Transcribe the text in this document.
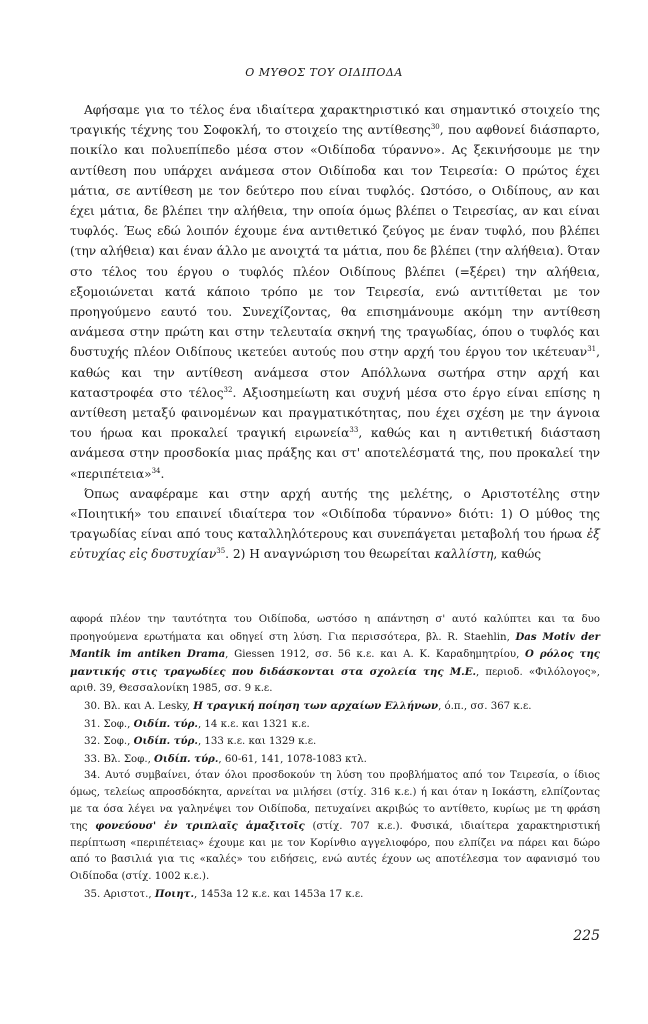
Ο ΜΥΘΟΣ ΤΟΥ ΟΙΔΙΠΟΔΑ

Αφήσαμε για το τέλος ένα ιδιαίτερα χαρακτηριστικό και σημαντικό στοιχείο της τραγικής τέχνης του Σοφοκλή, το στοιχείο της αντίθεσης$^{30}$, που αφθονεί διάσπαρτο, ποικίλο και πολυεπίπεδο μέσα στον «Οιδίποδα τύραννο». Ας ξεκινήσουμε με την αντίθεση που υπάρχει ανάμεσα στον Οιδίποδα και τον Τειρεσία: Ο πρώτος έχει μάτια, σε αντίθεση με τον δεύτερο που είναι τυφλός. Ωστόσο, ο Οιδίπους, αν και έχει μάτια, δε βλέπει την αλήθεια, την οποία όμως βλέπει ο Τειρεσίας, αν και είναι τυφλός. Έως εδώ λοιπόν έχουμε ένα αντιθετικό ζεύγος με έναν τυφλό, που βλέπει (την αλήθεια) και έναν άλλο με ανοιχτά τα μάτια, που δε βλέπει (την αλήθεια). Όταν στο τέλος του έργου ο τυφλός πλέον Οιδίπους βλέπει (=ξέρει) την αλήθεια, εξομοιώνεται κατά κάποιο τρόπο με τον Τειρεσία, ενώ αντιτίθεται με τον προηγούμενο εαυτό του. Συνεχίζοντας, θα επισημάνουμε ακόμη την αντίθεση ανάμεσα στην πρώτη και στην τελευταία σκηνή της τραγωδίας, όπου ο τυφλός και δυστυχής πλέον Οιδίπους ικετεύει αυτούς που στην αρχή του έργου τον ικέτευαν$^{31}$, καθώς και την αντίθεση ανάμεσα στον Απόλλωνα σωτήρα στην αρχή και καταστροφέα στο τέλος$^{32}$. Αξιοσημείωτη και συχνή μέσα στο έργο είναι επίσης η αντίθεση μεταξύ φαινομένων και πραγματικότητας, που έχει σχέση με την άγνοια του ήρωα και προκαλεί τραγική ειρωνεία$^{33}$, καθώς και η αντιθετική διάσταση ανάμεσα στην προσδοκία μιας πράξης και στ' αποτελέσματά της, που προκαλεί την «περιπέτεια»$^{34}$.

Όπως αναφέραμε και στην αρχή αυτής της μελέτης, ο Αριστοτέλης στην «Ποιητική» του επαινεί ιδιαίτερα τον «Οιδίποδα τύραννο» διότι: 1) Ο μύθος της τραγωδίας είναι από τους καταλληλότερους και συνεπάγεται μεταβολή του ήρωα ἐξ εὐτυχίας εἰς δυστυχίαν$^{35}$. 2) Η αναγνώριση του θεωρείται καλλίστη, καθώς

αφορά πλέον την ταυτότητα του Οιδίποδα, ωστόσο η απάντηση σ' αυτό καλύπτει και τα δυο προηγούμενα ερωτήματα και οδηγεί στη λύση. Για περισσότερα, βλ. R. Staehlin, Das Motiv der Mantik im antiken Drama, Giessen 1912, σσ. 56 κ.ε. και Α. Κ. Καραδημητρίου, Ο ρόλος της μαντικής στις τραγωδίες που διδάσκονται στα σχολεία της Μ.Ε., περιοδ. «Φιλόλογος», αριθ. 39, Θεσσαλονίκη 1985, σσ. 9 κ.ε.

30. Βλ. και A. Lesky, Η τραγική ποίηση των αρχαίων Ελλήνων, ό.π., σσ. 367 κ.ε.

31. Σοφ., Οιδίπ. τύρ., 14 κ.ε. και 1321 κ.ε.

32. Σοφ., Οιδίπ. τύρ., 133 κ.ε. και 1329 κ.ε.

33. Βλ. Σοφ., Οιδίπ. τύρ., 60-61, 141, 1078-1083 κτλ.

34. Αυτό συμβαίνει, όταν όλοι προσδοκούν τη λύση του προβλήματος από τον Τειρεσία, ο ίδιος όμως, τελείως απροσδόκητα, αρνείται να μιλήσει (στίχ. 316 κ.ε.) ή και όταν η Ιοκάστη, ελπίζοντας με τα όσα λέγει να γαληνέψει τον Οιδίποδα, πετυχαίνει ακριβώς το αντίθετο, κυρίως με τη φράση της φονεύουσ' ἐν τριπλαῖς ἁμαξιτοῖς (στίχ. 707 κ.ε.). Φυσικά, ιδιαίτερα χαρακτηριστική περίπτωση «περιπέτειας» έχουμε και με τον Κορίνθιο αγγελιοφόρο, που ελπίζει να πάρει και δώρο από το βασιλιά για τις «καλές» του ειδήσεις, ενώ αυτές έχουν ως αποτέλεσμα τον αφανισμό του Οιδίποδα (στίχ. 1002 κ.ε.).

35. Αριστοτ., Ποιητ., 1453a 12 κ.ε. και 1453a 17 κ.ε.

225
